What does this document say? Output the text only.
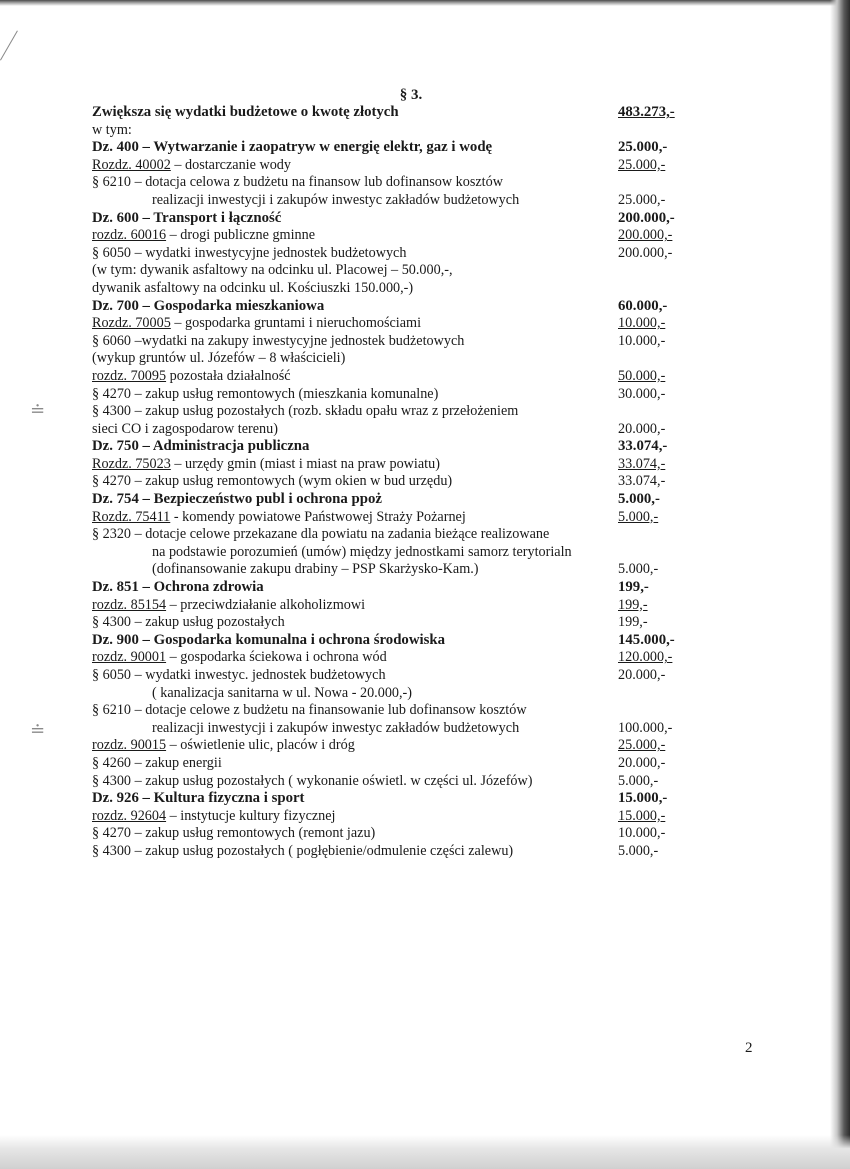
≐
≐
§ 3.
Zwiększa się wydatki budżetowe o kwotę złotych	483.273,-
w tym:
Dz. 400 – Wytwarzanie i zaopatryw w energię elektr, gaz i wodę	25.000,-
Rozdz. 40002 – dostarczanie wody	25.000,-
§ 6210 – dotacja celowa z budżetu na finansow lub dofinansow kosztów
realizacji inwestycji i zakupów inwestyc zakładów budżetowych	25.000,-
Dz. 600 – Transport i łączność	200.000,-
rozdz. 60016 – drogi publiczne gminne	200.000,-
§ 6050 – wydatki inwestycyjne jednostek budżetowych	200.000,-
(w tym: dywanik asfaltowy na odcinku ul. Placowej – 50.000,-,
dywanik asfaltowy na odcinku ul. Kościuszki 150.000,-)
Dz. 700 – Gospodarka mieszkaniowa	60.000,-
Rozdz. 70005 – gospodarka gruntami i nieruchomościami	10.000,-
§ 6060 –wydatki na zakupy inwestycyjne jednostek budżetowych	10.000,-
(wykup gruntów ul. Józefów – 8 właścicieli)
rozdz. 70095 pozostała działalność	50.000,-
§ 4270 – zakup usług remontowych (mieszkania komunalne)	30.000,-
§ 4300 – zakup usług pozostałych (rozb. składu opału wraz z przełożeniem
sieci CO i zagospodarow terenu)	20.000,-
Dz. 750 – Administracja publiczna	33.074,-
Rozdz. 75023 – urzędy gmin (miast i miast na praw powiatu)	33.074,-
§ 4270 – zakup usług remontowych (wym okien w bud urzędu)	33.074,-
Dz. 754 – Bezpieczeństwo publ i ochrona ppoż	5.000,-
Rozdz. 75411 - komendy powiatowe Państwowej Straży Pożarnej	5.000,-
§ 2320 – dotacje celowe przekazane dla powiatu na zadania bieżące realizowane
na podstawie porozumień (umów) między jednostkami samorz terytorialn
(dofinansowanie zakupu drabiny – PSP Skarżysko-Kam.)	5.000,-
Dz. 851 – Ochrona zdrowia	199,-
rozdz. 85154 – przeciwdziałanie alkoholizmowi	199,-
§ 4300 – zakup usług pozostałych	199,-
Dz. 900 – Gospodarka komunalna i ochrona środowiska	145.000,-
rozdz. 90001 – gospodarka ściekowa i ochrona wód	120.000,-
§ 6050 – wydatki inwestyc. jednostek budżetowych	20.000,-
( kanalizacja sanitarna w ul. Nowa - 20.000,-)
§ 6210 – dotacje celowe z budżetu na finansowanie lub dofinansow kosztów
realizacji inwestycji i zakupów inwestyc zakładów budżetowych	100.000,-
rozdz. 90015 – oświetlenie ulic, placów i dróg	25.000,-
§ 4260 – zakup energii	20.000,-
§ 4300 – zakup usług pozostałych ( wykonanie oświetl. w części ul. Józefów)	5.000,-
Dz. 926 – Kultura fizyczna i sport	15.000,-
rozdz. 92604 – instytucje kultury fizycznej	15.000,-
§ 4270 – zakup usług remontowych (remont jazu)	10.000,-
§ 4300 – zakup usług pozostałych ( pogłębienie/odmulenie części zalewu)	5.000,-
2
